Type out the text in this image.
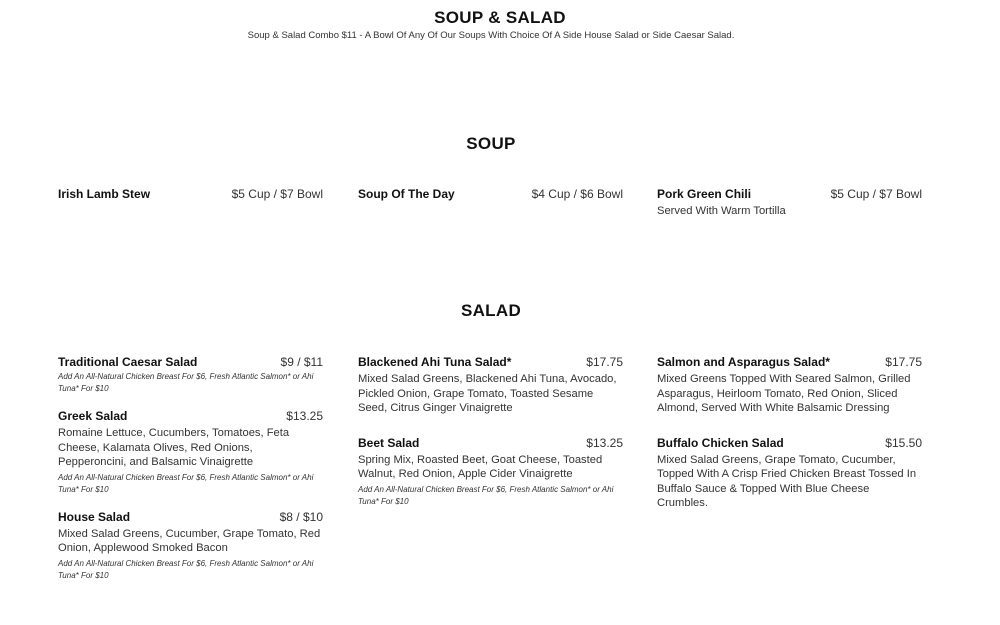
SOUP & SALAD
Soup & Salad Combo $11 - A Bowl Of Any Of Our Soups With Choice Of A Side House Salad or Side Caesar Salad.
SOUP
Irish Lamb Stew	$5 Cup / $7 Bowl	Soup Of The Day	$4 Cup / $6 Bowl	Pork Green Chili	$5 Cup / $7 Bowl
Served With Warm Tortilla
SALAD
Traditional Caesar Salad	$9 / $11
Add An All-Natural Chicken Breast For $6, Fresh Atlantic Salmon* or Ahi Tuna* For $10
Greek Salad	$13.25
Romaine Lettuce, Cucumbers, Tomatoes, Feta Cheese, Kalamata Olives, Red Onions, Pepperoncini, and Balsamic Vinaigrette
Add An All-Natural Chicken Breast For $6, Fresh Atlantic Salmon* or Ahi Tuna* For $10
House Salad	$8 / $10
Mixed Salad Greens, Cucumber, Grape Tomato, Red Onion, Applewood Smoked Bacon
Add An All-Natural Chicken Breast For $6, Fresh Atlantic Salmon* or Ahi Tuna* For $10
Blackened Ahi Tuna Salad*	$17.75
Mixed Salad Greens, Blackened Ahi Tuna, Avocado, Pickled Onion, Grape Tomato, Toasted Sesame Seed, Citrus Ginger Vinaigrette
Beet Salad	$13.25
Spring Mix, Roasted Beet, Goat Cheese, Toasted Walnut, Red Onion, Apple Cider Vinaigrette
Add An All-Natural Chicken Breast For $6, Fresh Atlantic Salmon* or Ahi Tuna* For $10
Salmon and Asparagus Salad*	$17.75
Mixed Greens Topped With Seared Salmon, Grilled Asparagus, Heirloom Tomato, Red Onion, Sliced Almond, Served With White Balsamic Dressing
Buffalo Chicken Salad	$15.50
Mixed Salad Greens, Grape Tomato, Cucumber, Topped With A Crisp Fried Chicken Breast Tossed In Buffalo Sauce & Topped With Blue Cheese Crumbles.
